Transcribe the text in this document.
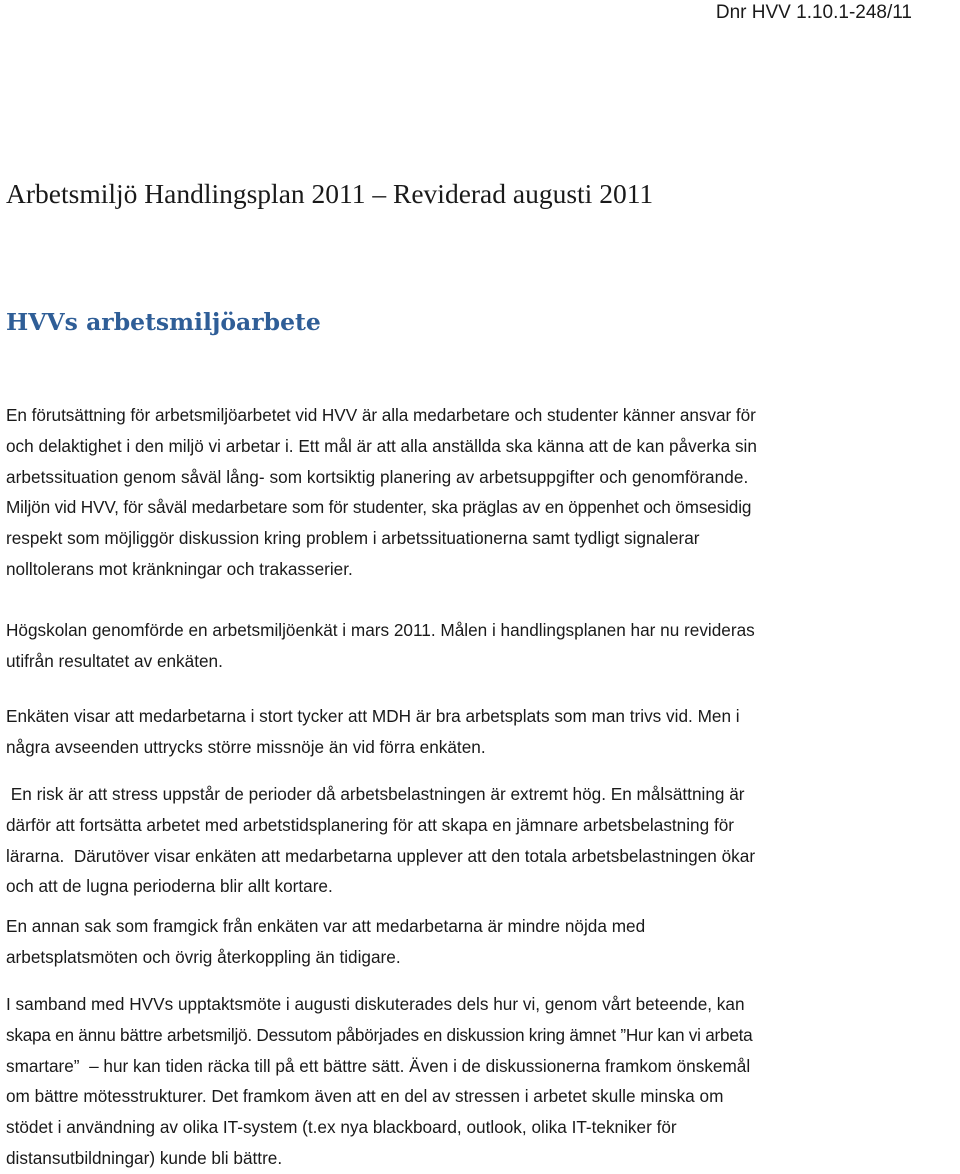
Dnr HVV 1.10.1-248/11
Arbetsmiljö Handlingsplan 2011 – Reviderad augusti 2011
HVVs arbetsmiljöarbete
En förutsättning för arbetsmiljöarbetet vid HVV är alla medarbetare och studenter känner ansvar för
och delaktighet i den miljö vi arbetar i. Ett mål är att alla anställda ska känna att de kan påverka sin
arbetssituation genom såväl lång- som kortsiktig planering av arbetsuppgifter och genomförande.
Miljön vid HVV, för såväl medarbetare som för studenter, ska präglas av en öppenhet och ömsesidig
respekt som möjliggör diskussion kring problem i arbetssituationerna samt tydligt signalerar
nolltolerans mot kränkningar och trakasserier.
Högskolan genomförde en arbetsmiljöenkät i mars 2011. Målen i handlingsplanen har nu revideras
utifrån resultatet av enkäten.
Enkäten visar att medarbetarna i stort tycker att MDH är bra arbetsplats som man trivs vid. Men i
några avseenden uttrycks större missnöje än vid förra enkäten.
En risk är att stress uppstår de perioder då arbetsbelastningen är extremt hög. En målsättning är
därför att fortsätta arbetet med arbetstidsplanering för att skapa en jämnare arbetsbelastning för
lärarna.  Därutöver visar enkäten att medarbetarna upplever att den totala arbetsbelastningen ökar
och att de lugna perioderna blir allt kortare.
En annan sak som framgick från enkäten var att medarbetarna är mindre nöjda med
arbetsplatsmöten och övrig återkoppling än tidigare.
I samband med HVVs upptaktsmöte i augusti diskuterades dels hur vi, genom vårt beteende, kan
skapa en ännu bättre arbetsmiljö. Dessutom påbörjades en diskussion kring ämnet ”Hur kan vi arbeta
smartare”  – hur kan tiden räcka till på ett bättre sätt. Även i de diskussionerna framkom önskemål
om bättre mötesstrukturer. Det framkom även att en del av stressen i arbetet skulle minska om
stödet i användning av olika IT-system (t.ex nya blackboard, outlook, olika IT-tekniker för
distansutbildningar) kunde bli bättre.
